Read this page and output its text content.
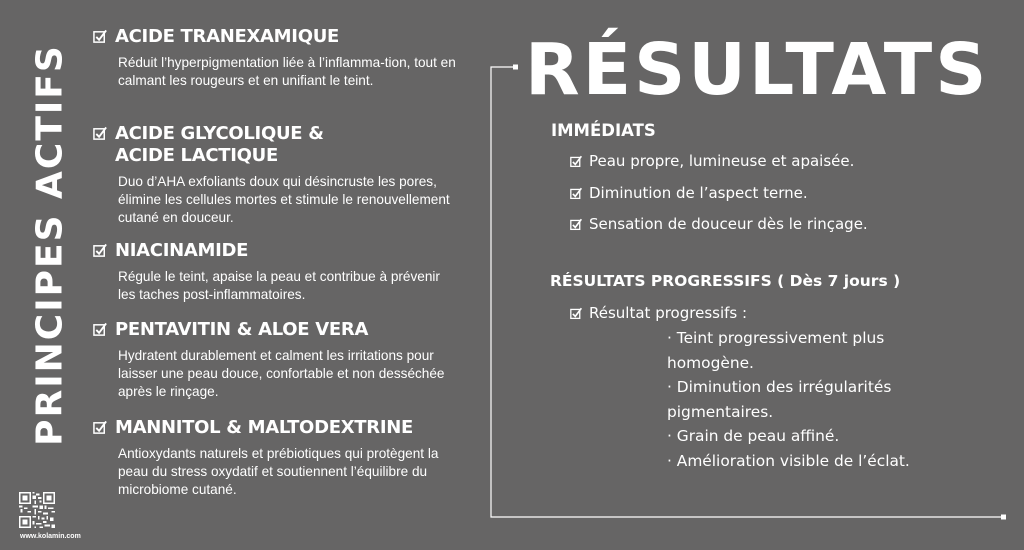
PRINCIPES ACTIFS
www.kolamin.com
ACIDE TRANEXAMIQUE
Réduit l’hyperpigmentation liée à l’inflamma-tion, tout en calmant les rougeurs et en unifiant le teint.
ACIDE GLYCOLIQUE & ACIDE LACTIQUE
Duo d’AHA exfoliants doux qui désincruste les pores, élimine les cellules mortes et stimule le renouvellement cutané en douceur.
NIACINAMIDE
Régule le teint, apaise la peau et contribue à prévenir les taches post-inflammatoires.
PENTAVITIN & ALOE VERA
Hydratent durablement et calment les irritations pour laisser une peau douce, confortable et non desséchée après le rinçage.
MANNITOL & MALTODEXTRINE
Antioxydants naturels et prébiotiques qui protègent la peau du stress oxydatif et soutiennent l’équilibre du microbiome cutané.
RÉSULTATS
IMMÉDIATS
Peau propre, lumineuse et apaisée.
Diminution de l’aspect terne.
Sensation de douceur dès le rinçage.
RÉSULTATS PROGRESSIFS ( Dès 7 jours )
Résultat progressifs :
· Teint progressivement plus homogène.
· Diminution des irrégularités pigmentaires.
· Grain de peau affiné.
· Amélioration visible de l’éclat.
